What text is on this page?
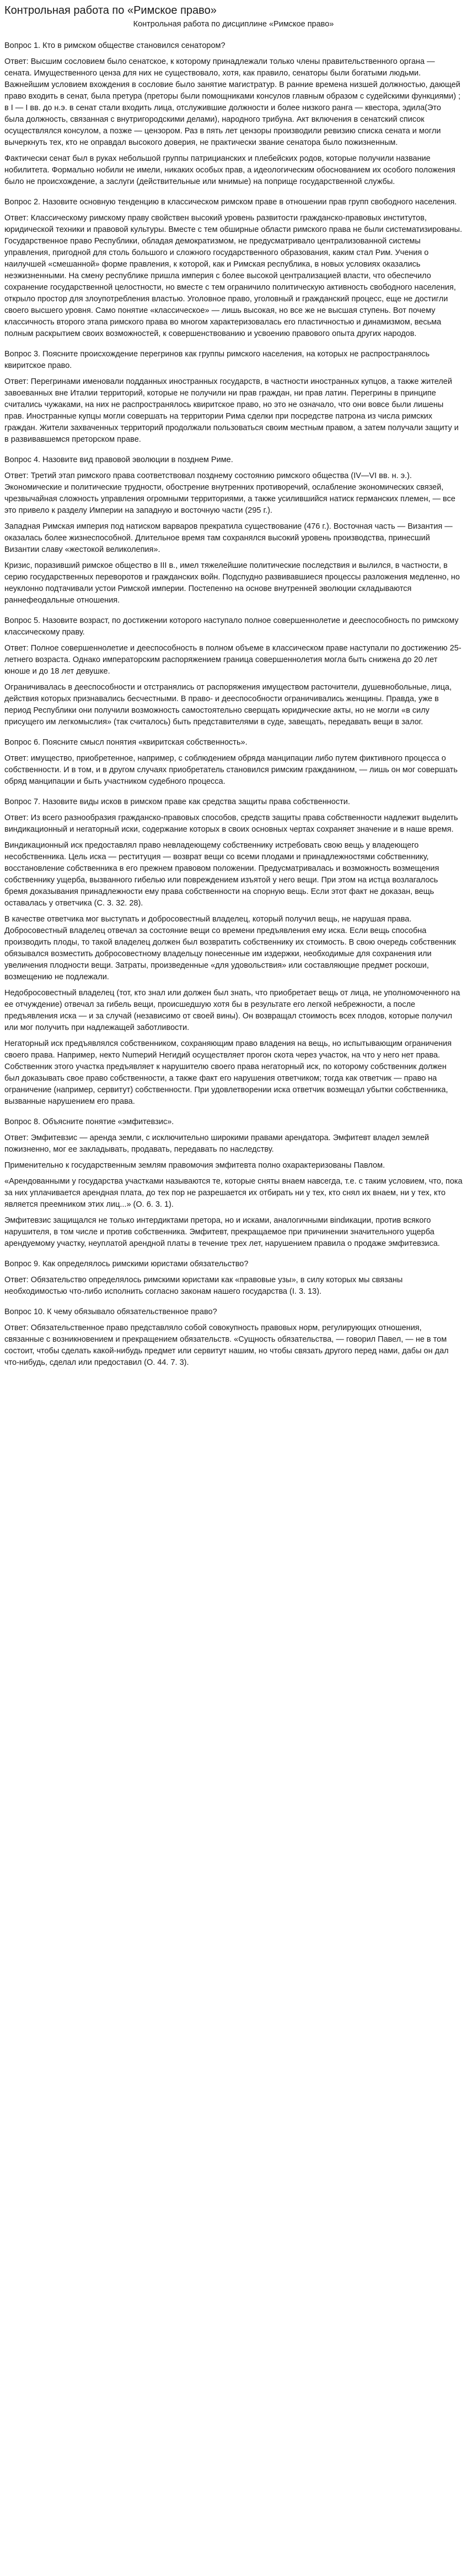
Контрольная работа по «Римское право»
Контрольная работа по дисциплине «Римское право»
Вопрос 1. Кто в римском обществе становился сенатором?

Ответ: Высшим сословием было сенатское, к которому принадлежали только члены правительственного органа — сената. Имущественного ценза для них не существовало, хотя, как правило, сенаторы были богатыми людьми. Важнейшим условием вхождения в сословие было занятие магистратур. В ранние времена низшей должностью, дающей право входить в сенат, была претура (преторы были помощниками консулов главным образом с судейскими функциями) ; в I — I вв. до н.э. в сенат стали входить лица, отслужившие должности и более низкого ранга — квестора, эдила(Это была должность, связанная с внутригородскими делами), народного трибуна. Акт включения в сенатский список осуществлялся консулом, а позже — цензором. Раз в пять лет цензоры производили ревизию списка сената и могли вычеркнуть тех, кто не оправдал высокого доверия, не практически звание сенатора было пожизненным.

Фактически сенат был в руках небольшой группы патрицианских и плебейских родов, которые получили название нобилитета. Формально нобили не имели, никаких особых прав, а идеологическим обоснованием их особого положения было не происхождение, а заслуги (действительные или мнимые) на поприще государственной службы.

Вопрос 2. Назовите основную тенденцию в классическом римском праве в отношении прав групп свободного населения.

Ответ: Классическому римскому праву свойствен высокий уровень развитости гражданско-правовых институтов, юридической техники и правовой культуры. Вместе с тем обширные области римского права не были систематизированы. Государственное право Республики, обладая демократизмом, не предусматривало централизованной системы управления, пригодной для столь большого и сложного государственного образования, каким стал Рим. Учения о наилучшей «смешанной» форме правления, к которой, как и Римская республика, в новых условиях оказались неэжизненными. На смену республике пришла империя с более высокой централизацией власти, что обеспечило сохранение государственной целостности, но вместе с тем ограничило политическую активность свободного населения, открыло простор для злоупотребления властью. Уголовное право, уголовный и гражданский процесс, еще не достигли своего высшего уровня. Само понятие «классическое» — лишь высокая, но все же не высшая ступень. Вот почему классичность второго этапа римского права во многом характеризовалась его пластичностью и динамизмом, весьма полным раскрытием своих возможностей, к совершенствованию и усвоению правового опыта других народов.

Вопрос 3. Поясните происхождение перегринов как группы римского населения, на которых не распространялось квиритское право.

Ответ: Перегринами именовали подданных иностранных государств, в частности иностранных купцов, а также жителей завоеванных вне Италии территорий, которые не получили ни прав граждан, ни прав латин. Перегрины в принципе считались чужаками, на них не распространялось квиритское право, но это не означало, что они вовсе были лишены прав. Иностранные купцы могли совершать на территории Рима сделки при посредстве патрона из числа римских граждан. Жители захваченных территорий продолжали пользоваться своим местным правом, а затем получали защиту и в развивавшемся преторском праве.

Вопрос 4. Назовите вид правовой эволюции в позднем Риме.

Ответ: Третий этап римского права соответствовал позднему состоянию римского общества (IV—VI вв. н. э.). Экономические и политические трудности, обострение внутренних противоречий, ослабление экономических связей, чрезвычайная сложность управления огромными территориями, а также усилившийся натиск германских племен, — все это привело к разделу Империи на западную и восточную части (295 г.).

Западная Римская империя под натиском варваров прекратила существование (476 г.). Восточная часть — Византия — оказалась более жизнеспособной. Длительное время там сохранялся высокий уровень производства, принесший Византии славу «жестокой великолепия».

Кризис, поразивший римское общество в III в., имел тяжелейшие политические последствия и вылился, в частности, в серию государственных переворотов и гражданских войн. Подспудно развивавшиеся процессы разложения медленно, но неуклонно подтачивали устои Римской империи. Постепенно на основе внутренней эволюции складываются раннефеодальные отношения.

Вопрос 5. Назовите возраст, по достижении которого наступало полное совершеннолетие и дееспособность по римскому классическому праву.

Ответ: Полное совершеннолетие и дееспособность в полном объеме в классическом праве наступали по достижению 25-летнего возраста. Однако императорским распоряжением граница совершеннолетия могла быть снижена до 20 лет юноше и до 18 лет девушке.

Ограничивалась в дееспособности и отстранялись от распоряжения имуществом расточители, душевнобольные, лица, действия которых признавались бесчестными. В право- и дееспособности ограничивались женщины. Правда, уже в период Республики они получили возможность самостоятельно сверщать юридические акты, но не могли «в силу присущего им легкомыслия» (так считалось) быть представителями в суде, завещать, передавать вещи в залог.

Вопрос 6. Поясните смысл понятия «квиритская собственность».

Ответ: имущество, приобретенное, например, с соблюдением обряда манципации либо путем фиктивного процесса о собственности. И в том, и в другом случаях приобретатель становился римским гражданином, — лишь он мог совершать обряд манципации и быть участником судебного процесса.

Вопрос 7. Назовите виды исков в римском праве как средства защиты права собственности.

Ответ: Из всего разнообразия гражданско-правовых способов, средств защиты права собственности надлежит выделить виндикационный и негаторный иски, содержание которых в своих основных чертах сохраняет значение и в наше время.

Виндикационный иск предоставлял право невладеющему собственнику истребовать свою вещь у владеющего несобственника. Цель иска — реституция — возврат вещи со всеми плодами и принадлежностями собственнику, восстановление собственника в его прежнем правовом положении. Предусматривалась и возможность возмещения собственнику ущерба, вызванного гибелью или повреждением изъятой у него вещи. При этом на истца возлагалось бремя доказывания принадлежности ему права собственности на спорную вещь. Если этот факт не доказан, вещь оставалась у ответчика (С. 3. 32. 28).

В качестве ответчика мог выступать и добросовестный владелец, который получил вещь, не нарушая права. Добросовестный владелец отвечал за состояние вещи со времени предъявления ему иска. Если вещь способна производить плоды, то такой владелец должен был возвратить собственнику их стоимость. В свою очередь собственник обязывался возместить добросовестному владельцу понесенные им издержки, необходимые для сохранения или увеличения плодности вещи. Затраты, произведенные «для удовольствия» или составляющие предмет роскоши, возмещению не подлежали.

Недобросовестный владелец (тот, кто знал или должен был знать, что приобретает вещь от лица, не уполномоченного на ее отчуждение) отвечал за гибель вещи, происшедшую хотя бы в результате его легкой небрежности, а после предъявления иска — и за случай (независимо от своей вины). Он возвращал стоимость всех плодов, которые получил или мог получить при надлежащей заботливости.

Негаторный иск предъявлялся собственником, сохраняющим право владения на вещь, но испытывающим ограничения своего права. Например, некто Numерий Негидий осуществляет прогон скота через участок, на что у него нет права. Собственник этого участка предъявляет к нарушителю своего права негаторный иск, по которому собственник должен был доказывать свое право собственности, а также факт его нарушения ответчиком; тогда как ответчик — право на ограничение (например, сервитут) собственности. При удовлетворении иска ответчик возмещал убытки собственника, вызванные нарушением его права.

Вопрос 8. Объясните понятие «эмфитевзис».

Ответ: Эмфитевзис — аренда земли, с исключительно широкими правами арендатора. Эмфитевт владел землей пожизненно, мог ее закладывать, продавать, передавать по наследству.

Применительно к государственным землям правомочия эмфитевта полно охарактеризованы Павлом.

«Арендованными у государства участками называются те, которые сняты внаем навсегда, т.е. с таким условием, что, пока за них уплачивается арендная плата, до тех пор не разрешается их отбирать ни у тех, кто снял их внаем, ни у тех, кто является преемником этих лиц...» (О. 6. 3. 1).

Эмфитевзис защищался не только интердиктами претора, но и исками, аналогичными вindикации, против всякого нарушителя, в том числе и против собственника. Эмфитевт, прекращаемое при причинении значительного ущерба арендуемому участку, неуплатой арендной платы в течение трех лет, нарушением правила о продаже эмфитевзиса.

Вопрос 9. Как определялось римскими юристами обязательство?

Ответ: Обязательство определялось римскими юристами как «правовые узы», в силу которых мы связаны необходимостью что-либо исполнить согласно законам нашего государства (I. 3. 13).

Вопрос 10. К чему обязывало обязательственное право?

Ответ: Обязательственное право представляло собой совокупность правовых норм, регулирующих отношения, связанные с возникновением и прекращением обязательств. «Сущность обязательства, — говорил Павел, — не в том состоит, чтобы сделать какой-нибудь предмет или сервитут нашим, но чтобы связать другого перед нами, дабы он дал что-нибудь, сделал или предоставил (О. 44. 7. 3).
